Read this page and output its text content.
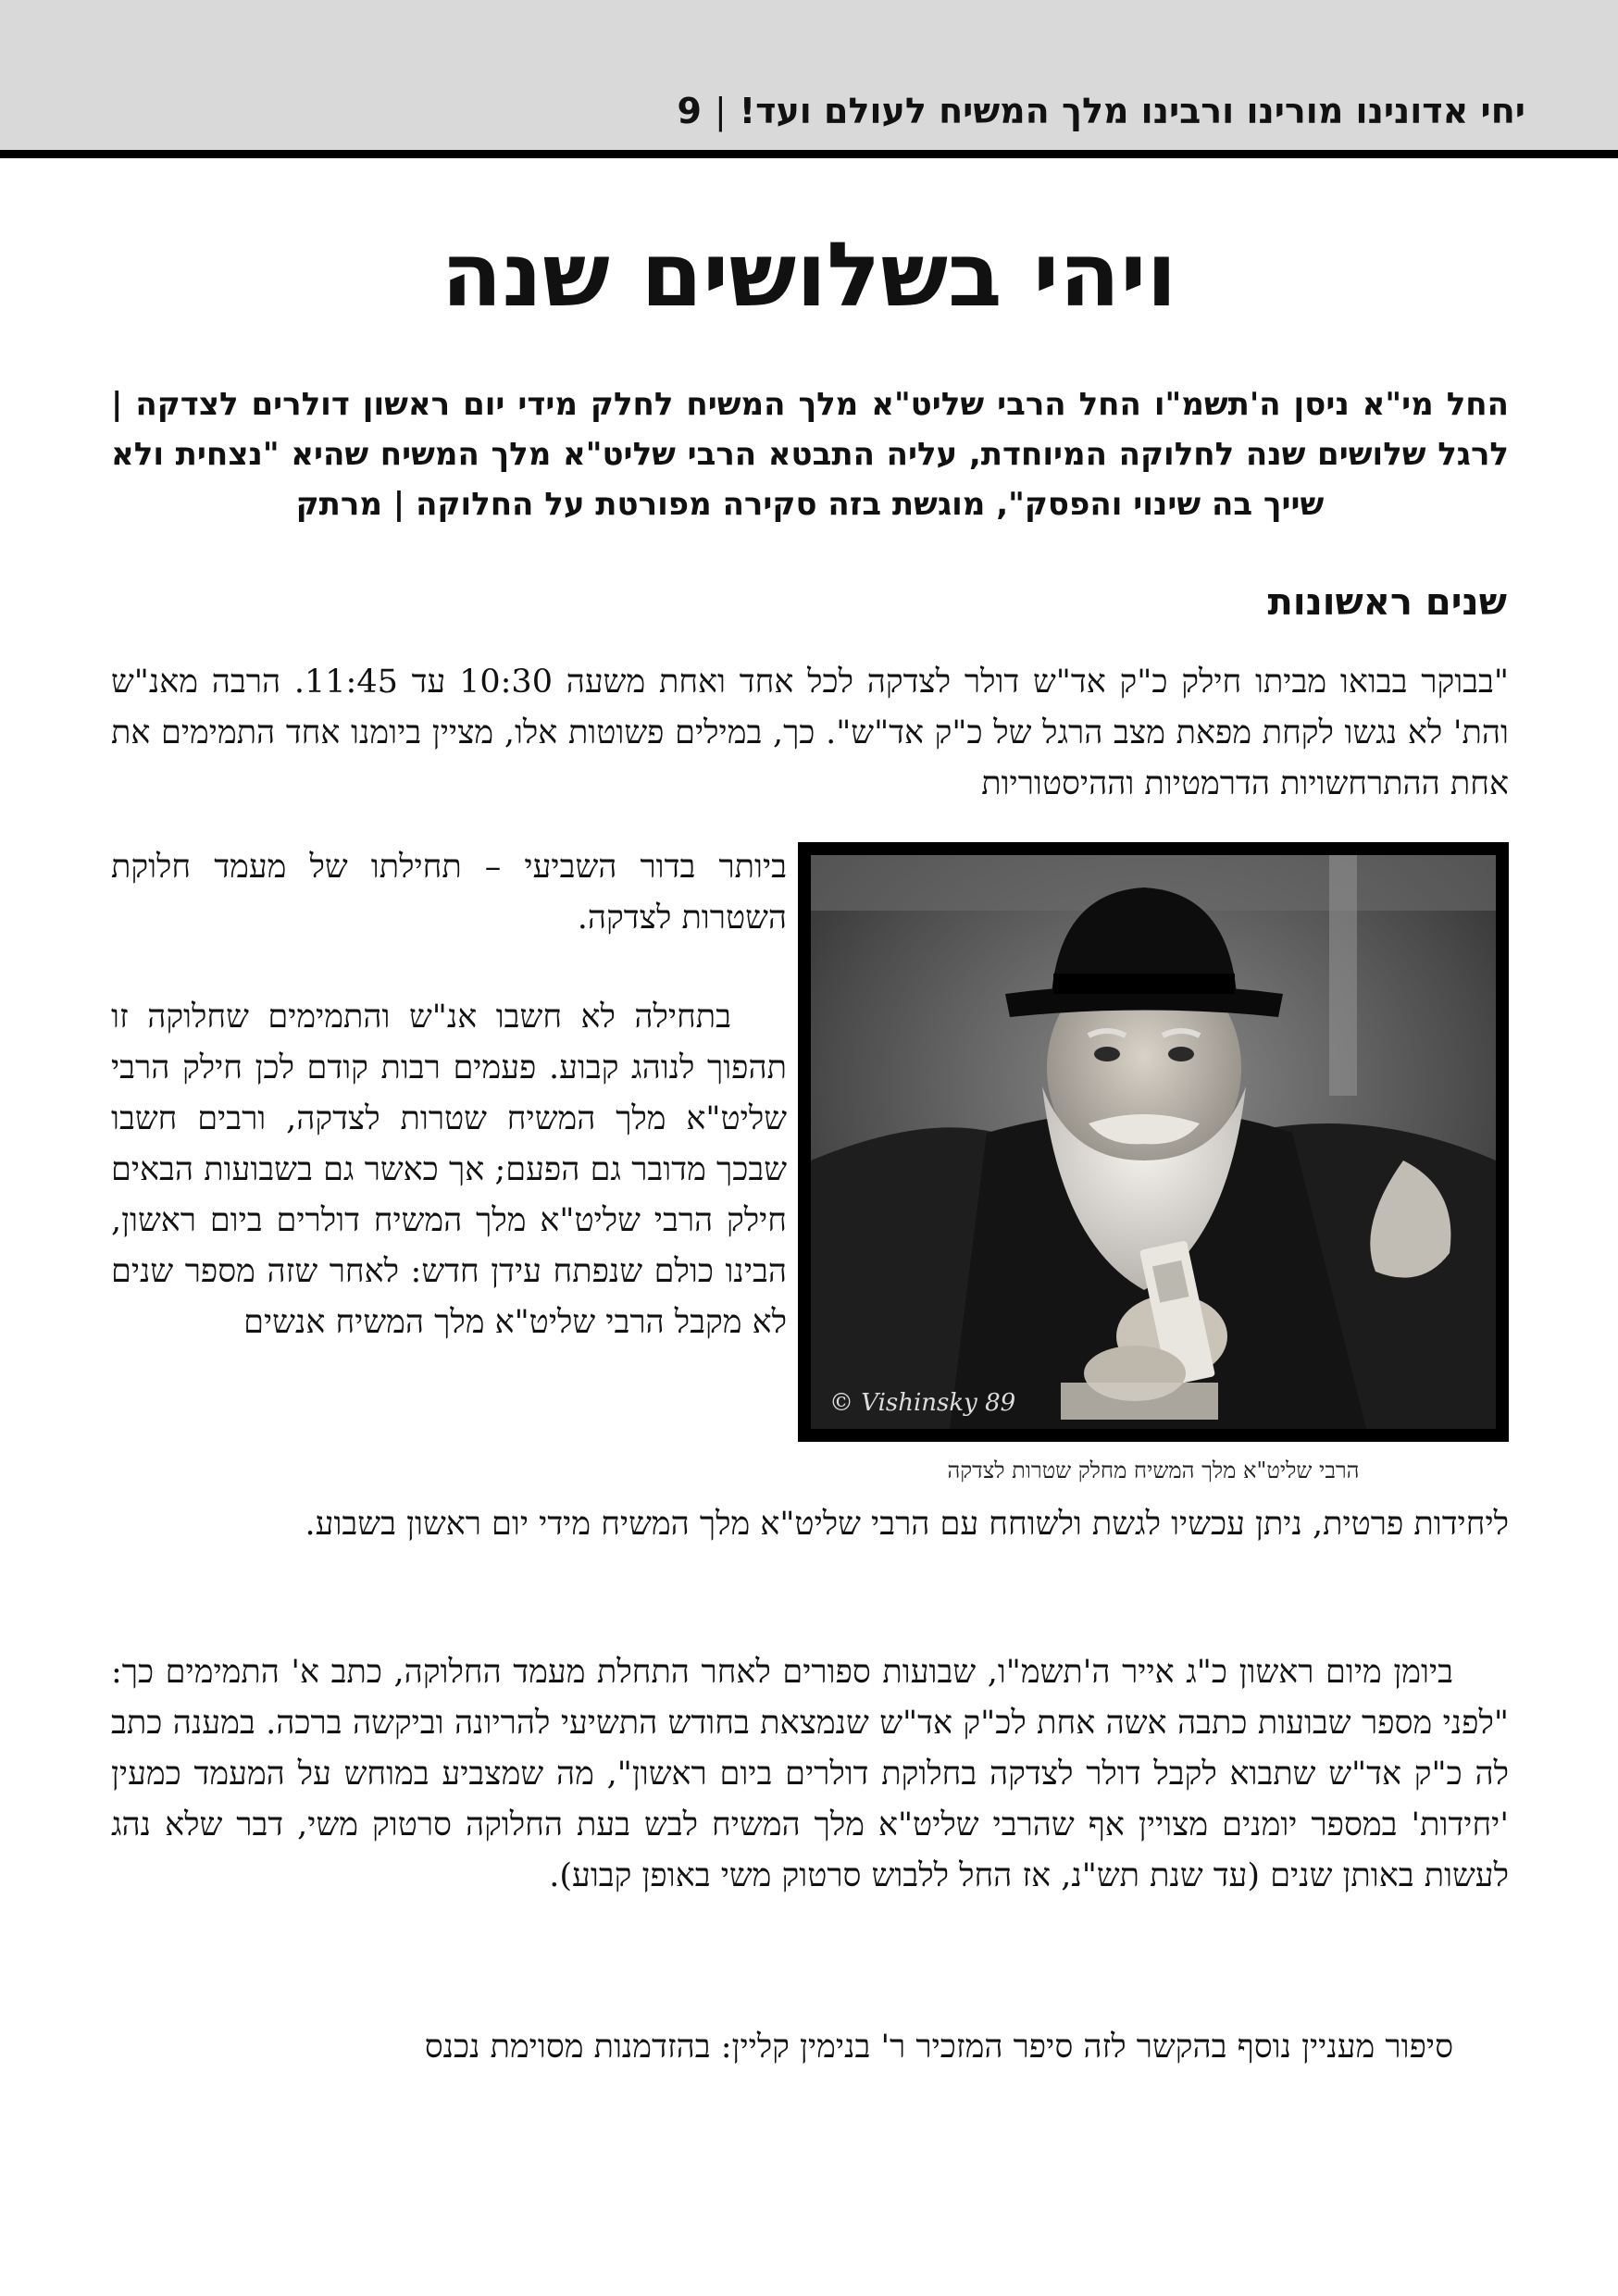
יחי אדונינו מורינו ורבינו מלך המשיח לעולם ועד!|9
ויהי בשלושים שנה
החל מי"א ניסן ה'תשמ"ו החל הרבי שליט"א מלך המשיח לחלק מידי יום ראשון דולרים לצדקה | לרגל שלושים שנה לחלוקה המיוחדת, עליה התבטא הרבי שליט"א מלך המשיח שהיא "נצחית ולא שייך בה שינוי והפסק", מוגשת בזה סקירה מפורטת על החלוקה | מרתק
שנים ראשונות
"בבוקר בבואו מביתו חילק כ"ק אד"ש דולר לצדקה לכל אחד ואחת משעה 10:30 עד 11:45. הרבה מאנ"ש והת' לא נגשו לקחת מפאת מצב הרגל של כ"ק אד"ש". כך, במילים פשוטות אלו, מציין ביומנו אחד התמימים את אחת ההתרחשויות הדרמטיות וההיסטוריות
ביותר בדור השביעי – תחילתו של מעמד חלוקת השטרות לצדקה.
בתחילה לא חשבו אנ"ש והתמימים שחלוקה זו תהפוך לנוהג קבוע. פעמים רבות קודם לכן חילק הרבי שליט"א מלך המשיח שטרות לצדקה, ורבים חשבו שבכך מדובר גם הפעם; אך כאשר גם בשבועות הבאים חילק הרבי שליט"א מלך המשיח דולרים ביום ראשון, הבינו כולם שנפתח עידן חדש: לאחר שזה מספר שנים לא מקבל הרבי שליט"א מלך המשיח אנשים
ליחידות פרטית, ניתן עכשיו לגשת ולשוחח עם הרבי שליט"א מלך המשיח מידי יום ראשון בשבוע.
ביומן מיום ראשון כ"ג אייר ה'תשמ"ו, שבועות ספורים לאחר התחלת מעמד החלוקה, כתב א' התמימים כך: "לפני מספר שבועות כתבה אשה אחת לכ"ק אד"ש שנמצאת בחודש התשיעי להריונה וביקשה ברכה. במענה כתב לה כ"ק אד"ש שתבוא לקבל דולר לצדקה בחלוקת דולרים ביום ראשון", מה שמצביע במוחש על המעמד כמעין 'יחידות' במספר יומנים מצויין אף שהרבי שליט"א מלך המשיח לבש בעת החלוקה סרטוק משי, דבר שלא נהג לעשות באותן שנים (עד שנת תש"נ, אז החל ללבוש סרטוק משי באופן קבוע).
סיפור מעניין נוסף בהקשר לזה סיפר המזכיר ר' בנימין קליין: בהזדמנות מסוימת נכנס
© Vishinsky 89
הרבי שליט"א מלך המשיח מחלק שטרות לצדקה
